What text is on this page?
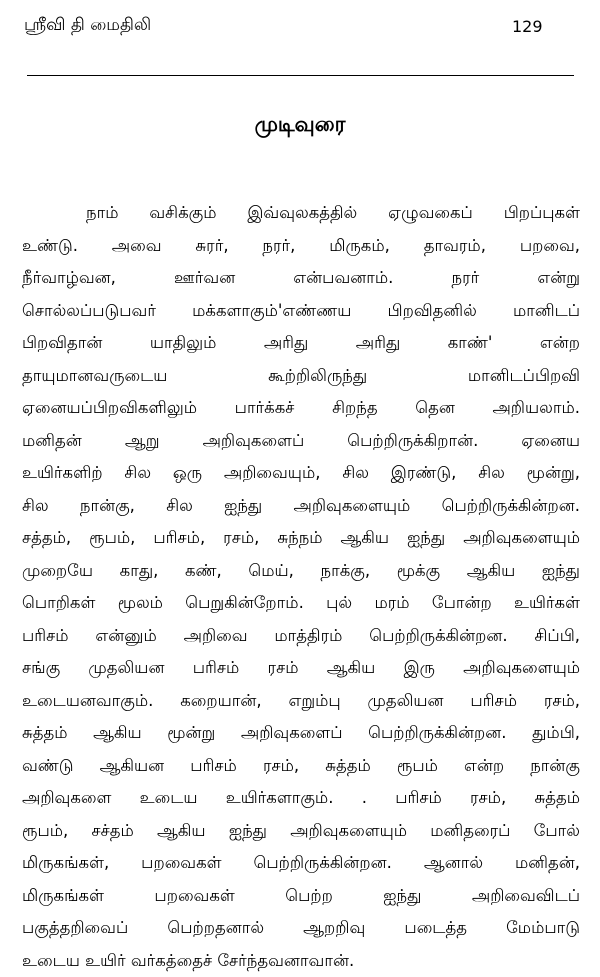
ஸ்ரீவி தி மைதிலி	129
முடிவுரை
நாம் வசிக்கும் இவ்வுலகத்தில் ஏழுவகைப் பிறப்புகள்
உண்டு. அவை சுரர், நரர், மிருகம், தாவரம், பறவை,
நீர்வாழ்வன, ஊர்வன என்பவனாம். நரர் என்று
சொல்லப்படுபவர் மக்களாகும்'எண்ணய பிறவிதனில் மானிடப்
பிறவிதான் யாதிலும் அரிது அரிது காண்' என்ற
தாயுமானவருடைய கூற்றிலிருந்து மானிடப்பிறவி
ஏனையப்பிறவிகளிலும் பார்க்கச் சிறந்த தென அறியலாம்.
மனிதன் ஆறு அறிவுகளைப் பெற்றிருக்கிறான். ஏனைய
உயிர்களிற் சில ஒரு அறிவையும், சில இரண்டு, சில மூன்று,
சில நான்கு, சில ஐந்து அறிவுகளையும் பெற்றிருக்கின்றன.
சத்தம், ரூபம், பரிசம், ரசம், சுந்நம் ஆகிய ஐந்து அறிவுகளையும்
முறையே காது, கண், மெய், நாக்கு, மூக்கு ஆகிய ஐந்து
பொறிகள் மூலம் பெறுகின்றோம். புல் மரம் போன்ற உயிர்கள்
பரிசம் என்னும் அறிவை மாத்திரம் பெற்றிருக்கின்றன. சிப்பி,
சங்கு முதலியன பரிசம் ரசம் ஆகிய இரு அறிவுகளையும்
உடையனவாகும். கறையான், எறும்பு முதலியன பரிசம் ரசம்,
சுத்தம் ஆகிய மூன்று அறிவுகளைப் பெற்றிருக்கின்றன. தும்பி,
வண்டு ஆகியன பரிசம் ரசம், சுத்தம் ரூபம் என்ற நான்கு
அறிவுகளை உடைய உயிர்களாகும். . பரிசம் ரசம், சுத்தம்
ரூபம், சச்தம் ஆகிய ஐந்து அறிவுகளையும் மனிதரைப் போல்
மிருகங்கள், பறவைகள் பெற்றிருக்கின்றன. ஆனால் மனிதன்,
மிருகங்கள் பறவைகள் பெற்ற ஐந்து அறிவைவிடப்
பகுத்தறிவைப் பெற்றதனால் ஆறறிவு படைத்த மேம்பாடு
உடைய உயிர் வர்கத்தைச் சேர்ந்தவனாவான்.
